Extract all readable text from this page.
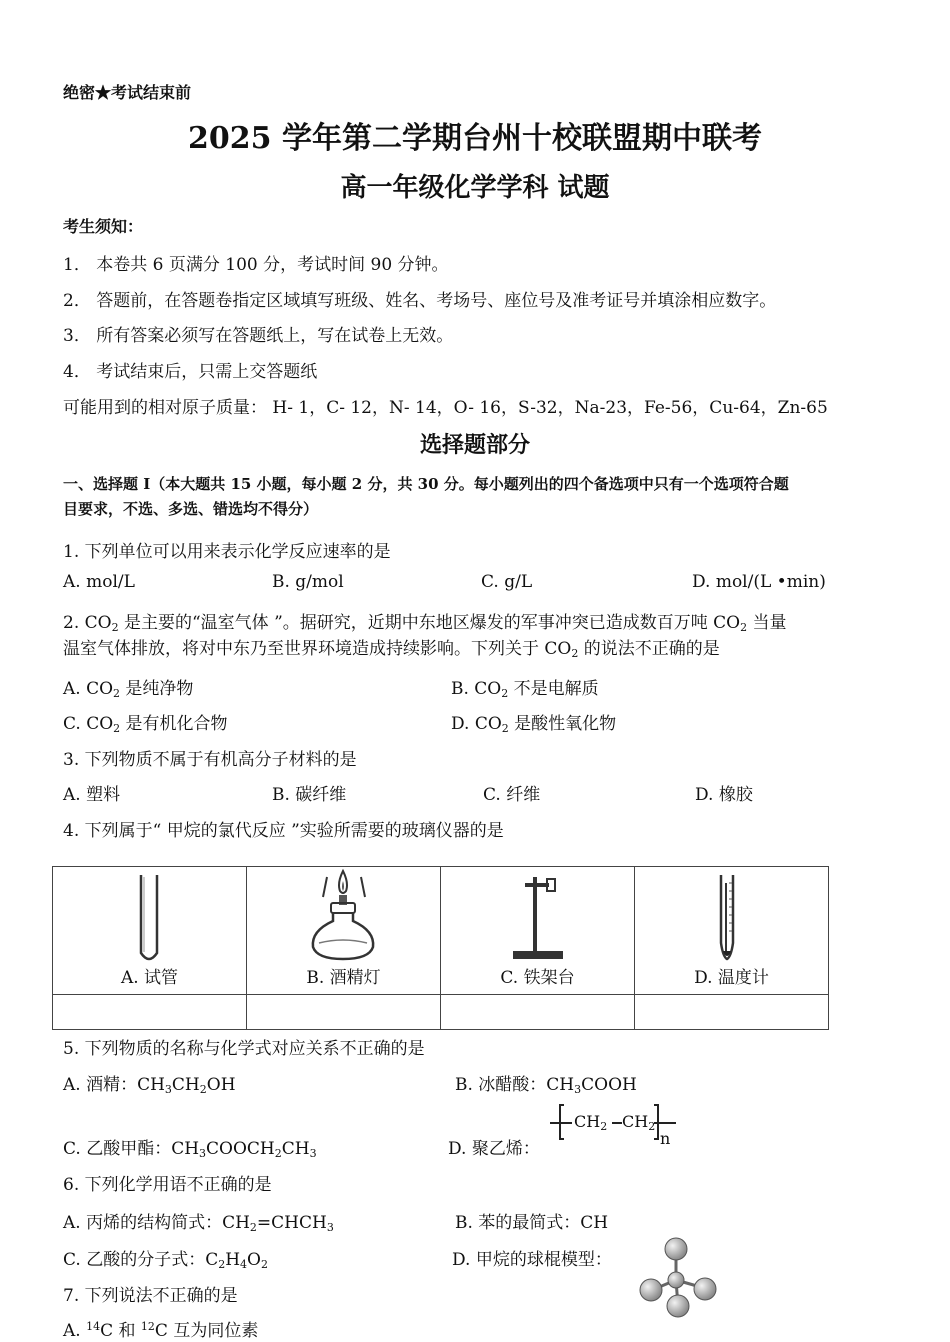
绝密★考试结束前
2025 学年第二学期台州十校联盟期中联考
高一年级化学学科 试题
考生须知：
1． 本卷共 6 页满分 100 分，考试时间 90 分钟。
2． 答题前，在答题卷指定区域填写班级、姓名、考场号、座位号及准考证号并填涂相应数字。
3． 所有答案必须写在答题纸上，写在试卷上无效。
4． 考试结束后，只需上交答题纸
可能用到的相对原子质量： H- 1，C- 12，N- 14，O- 16，S-32，Na-23，Fe-56，Cu-64，Zn-65
选择题部分
一、选择题 Ⅰ（本大题共 15 小题，每小题 2 分，共 30 分。每小题列出的四个备选项中只有一个选项符合题
目要求，不选、多选、错选均不得分）
1. 下列单位可以用来表示化学反应速率的是
A. mol/L	B. g/mol	C. g/L	D. mol/(L •min)
2. $CO_2$ 是主要的“温室气体 ”。据研究，近期中东地区爆发的军事冲突已造成数百万吨 $CO_2$ 当量
温室气体排放，将对中东乃至世界环境造成持续影响。下列关于 $CO_2$ 的说法不正确的是
A. $CO_2$ 是纯净物	B. $CO_2$ 不是电解质
C. $CO_2$ 是有机化合物	D. $CO_2$ 是酸性氧化物
3. 下列物质不属于有机高分子材料的是
A. 塑料	B. 碳纤维	C. 纤维	D. 橡胶
4. 下列属于“ 甲烷的氯代反应 ”实验所需要的玻璃仪器的是
A. 试管	B. 酒精灯	C. 铁架台	D. 温度计

5. 下列物质的名称与化学式对应关系不正确的是
A. 酒精：$CH_3CH_2OH$	B. 冰醋酸：$CH_3COOH$
C. 乙酸甲酯：$CH_3COOCH_2CH_3$	D. 聚乙烯：
$CH_2$ $CH_2$
n
6. 下列化学用语不正确的是
A. 丙烯的结构简式：$CH_2=CHCH_3$	B. 苯的最简式：CH
C. 乙酸的分子式：$C_2H_4O_2$	D. 甲烷的球棍模型：
7. 下列说法不正确的是
A. $^{14}$C 和 $^{12}$C 互为同位素
